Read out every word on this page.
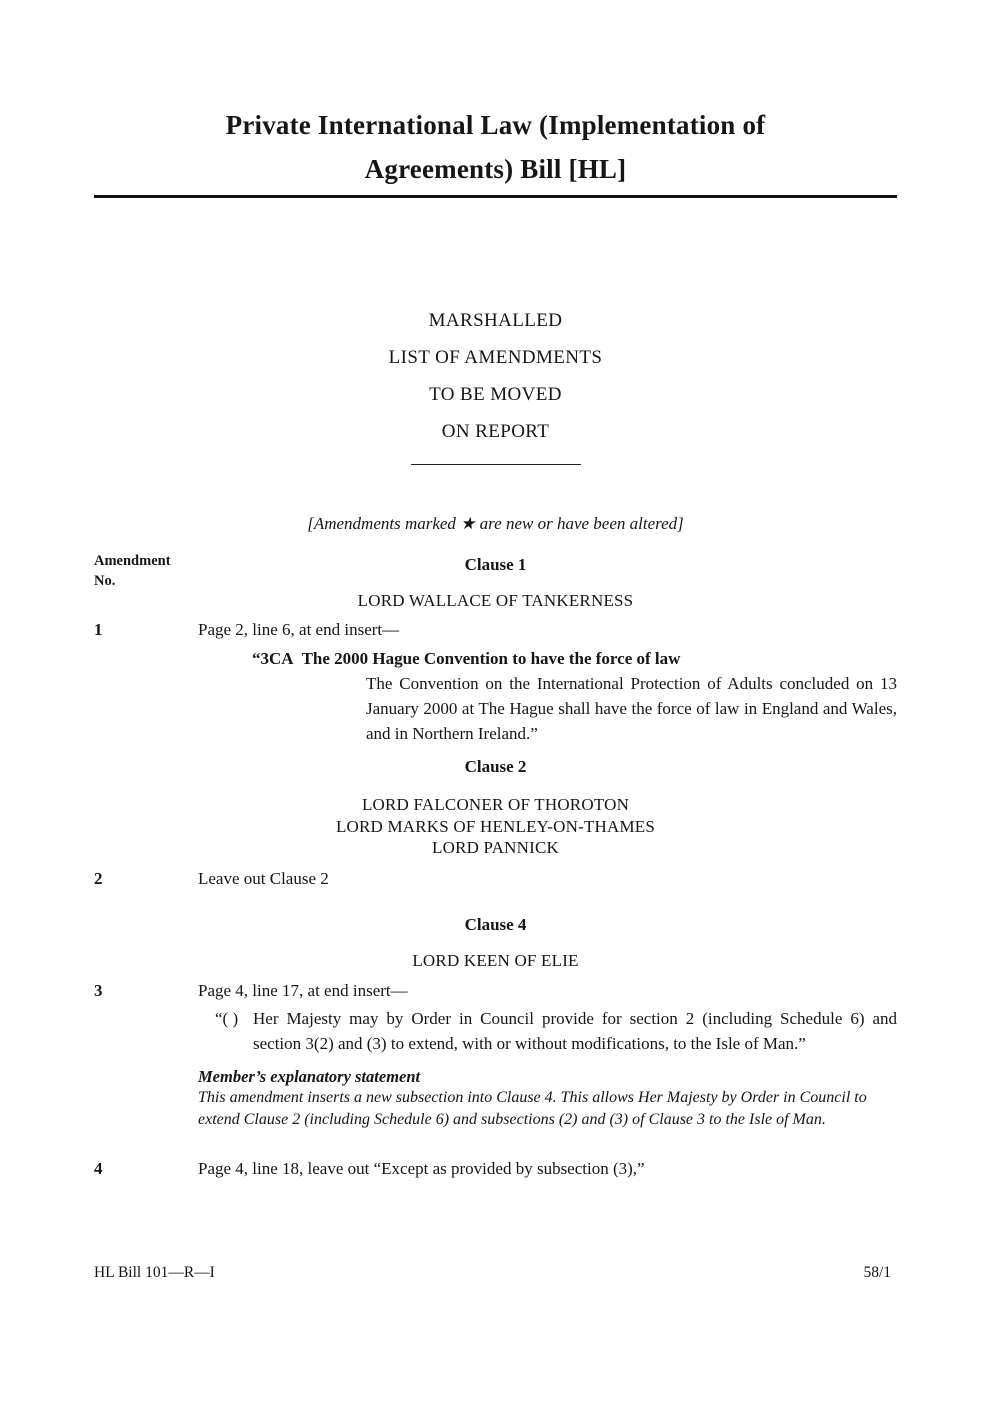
Private International Law (Implementation of
Agreements) Bill [HL]
MARSHALLED
LIST OF AMENDMENTS
TO BE MOVED
ON REPORT
[Amendments marked ★ are new or have been altered]
Amendment
No.
Clause 1
LORD WALLACE OF TANKERNESS
1	Page 2, line 6, at end insert—

“3CA The 2000 Hague Convention to have the force of law

The Convention on the International Protection of Adults concluded on 13 January 2000 at The Hague shall have the force of law in England and Wales, and in Northern Ireland.”

Clause 2
LORD FALCONER OF THOROTON
LORD MARKS OF HENLEY-ON-THAMES
LORD PANNICK
2	Leave out Clause 2

Clause 4
LORD KEEN OF ELIE
3	Page 4, line 17, at end insert—

“( ) Her Majesty may by Order in Council provide for section 2 (including Schedule 6) and section 3(2) and (3) to extend, with or without modifications, to the Isle of Man.”

Member’s explanatory statement

This amendment inserts a new subsection into Clause 4. This allows Her Majesty by Order in Council to extend Clause 2 (including Schedule 6) and subsections (2) and (3) of Clause 3 to the Isle of Man.

4	Page 4, line 18, leave out “Except as provided by subsection (3),”

HL Bill 101—R—I	58/1
